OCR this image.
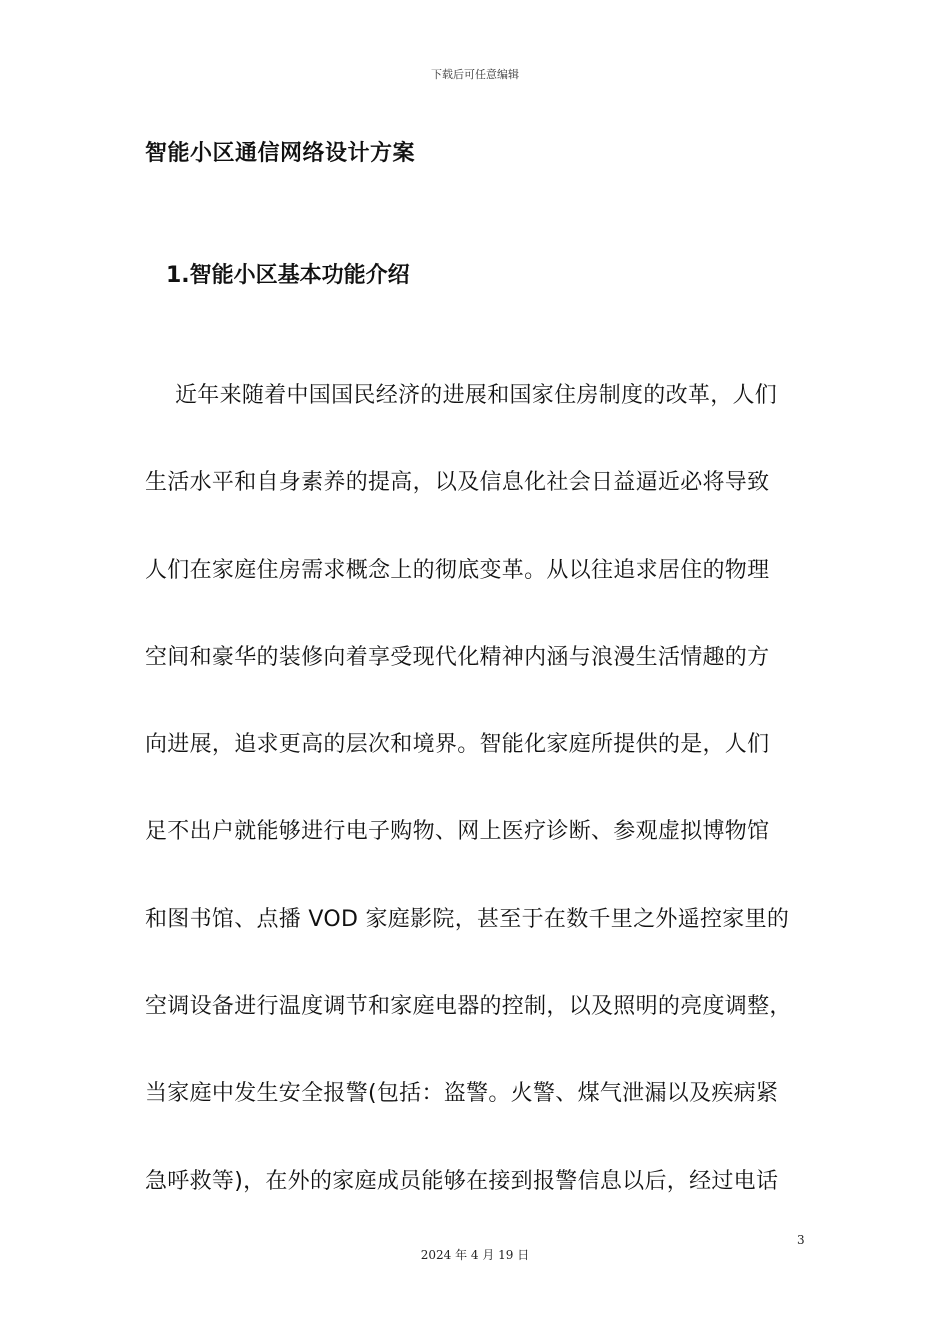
下载后可任意编辑
智能小区通信网络设计方案
1.智能小区基本功能介绍
近年来随着中国国民经济的进展和国家住房制度的改革，人们
生活水平和自身素养的提高，以及信息化社会日益逼近必将导致
人们在家庭住房需求概念上的彻底变革。从以往追求居住的物理
空间和豪华的装修向着享受现代化精神内涵与浪漫生活情趣的方
向进展，追求更高的层次和境界。智能化家庭所提供的是，人们
足不出户就能够进行电子购物、网上医疗诊断、参观虚拟博物馆
和图书馆、点播 VOD 家庭影院，甚至于在数千里之外遥控家里的
空调设备进行温度调节和家庭电器的控制，以及照明的亮度调整，
当家庭中发生安全报警(包括：盗警。火警、煤气泄漏以及疾病紧
急呼救等)，在外的家庭成员能够在接到报警信息以后，经过电话
3
2024 年 4 月 19 日
